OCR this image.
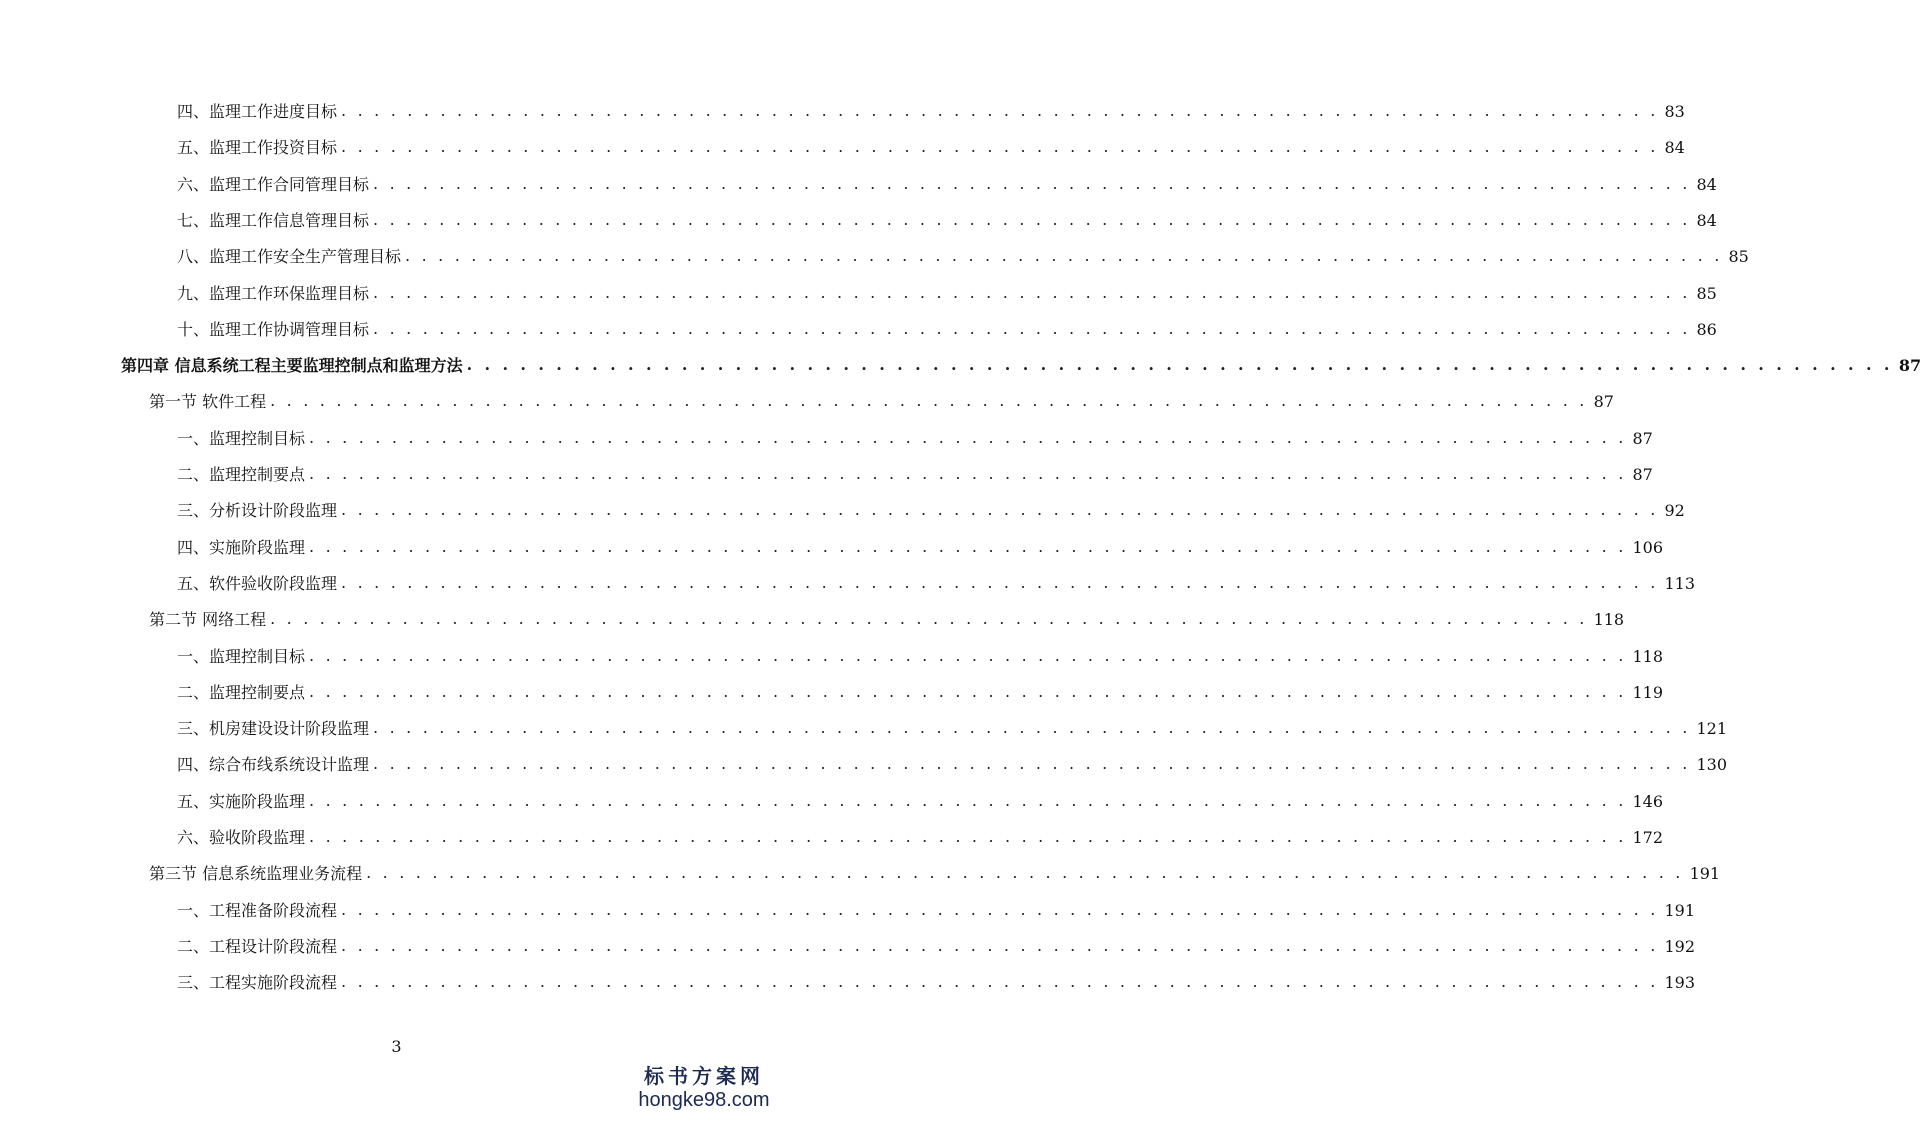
四、监理工作进度目标 . . . . . . . . . . . . . . . . . . . . . . . . . . . . . . . . . . . . . . . . . . . . . . . . . . . . . . . . . . . . . . . . . . . . . . . . . . . . . . . . 83
五、监理工作投资目标 . . . . . . . . . . . . . . . . . . . . . . . . . . . . . . . . . . . . . . . . . . . . . . . . . . . . . . . . . . . . . . . . . . . . . . . . . . . . . . . . 84
六、监理工作合同管理目标 . . . . . . . . . . . . . . . . . . . . . . . . . . . . . . . . . . . . . . . . . . . . . . . . . . . . . . . . . . . . . . . . . . . . . . . . . . . . . . . . 84
七、监理工作信息管理目标 . . . . . . . . . . . . . . . . . . . . . . . . . . . . . . . . . . . . . . . . . . . . . . . . . . . . . . . . . . . . . . . . . . . . . . . . . . . . . . . . 84
八、监理工作安全生产管理目标 . . . . . . . . . . . . . . . . . . . . . . . . . . . . . . . . . . . . . . . . . . . . . . . . . . . . . . . . . . . . . . . . . . . . . . . . . . . . . . . . 85
九、监理工作环保监理目标 . . . . . . . . . . . . . . . . . . . . . . . . . . . . . . . . . . . . . . . . . . . . . . . . . . . . . . . . . . . . . . . . . . . . . . . . . . . . . . . . 85
十、监理工作协调管理目标 . . . . . . . . . . . . . . . . . . . . . . . . . . . . . . . . . . . . . . . . . . . . . . . . . . . . . . . . . . . . . . . . . . . . . . . . . . . . . . . . 86
第四章 信息系统工程主要监理控制点和监理方法 . . . . . . . . . . . . . . . . . . . . . . . . . . . . . . . . . . . . . . . . . . . . . . . . . . . . . . . . . . . . . . . . . . . . . . . . . . . . . . . . 87
第一节 软件工程 . . . . . . . . . . . . . . . . . . . . . . . . . . . . . . . . . . . . . . . . . . . . . . . . . . . . . . . . . . . . . . . . . . . . . . . . . . . . . . . . 87
一、监理控制目标 . . . . . . . . . . . . . . . . . . . . . . . . . . . . . . . . . . . . . . . . . . . . . . . . . . . . . . . . . . . . . . . . . . . . . . . . . . . . . . . . 87
二、监理控制要点 . . . . . . . . . . . . . . . . . . . . . . . . . . . . . . . . . . . . . . . . . . . . . . . . . . . . . . . . . . . . . . . . . . . . . . . . . . . . . . . . 87
三、分析设计阶段监理 . . . . . . . . . . . . . . . . . . . . . . . . . . . . . . . . . . . . . . . . . . . . . . . . . . . . . . . . . . . . . . . . . . . . . . . . . . . . . . . . 92
四、实施阶段监理 . . . . . . . . . . . . . . . . . . . . . . . . . . . . . . . . . . . . . . . . . . . . . . . . . . . . . . . . . . . . . . . . . . . . . . . . . . . . . . . . 106
五、软件验收阶段监理 . . . . . . . . . . . . . . . . . . . . . . . . . . . . . . . . . . . . . . . . . . . . . . . . . . . . . . . . . . . . . . . . . . . . . . . . . . . . . . . . 113
第二节 网络工程 . . . . . . . . . . . . . . . . . . . . . . . . . . . . . . . . . . . . . . . . . . . . . . . . . . . . . . . . . . . . . . . . . . . . . . . . . . . . . . . . 118
一、监理控制目标 . . . . . . . . . . . . . . . . . . . . . . . . . . . . . . . . . . . . . . . . . . . . . . . . . . . . . . . . . . . . . . . . . . . . . . . . . . . . . . . . 118
二、监理控制要点 . . . . . . . . . . . . . . . . . . . . . . . . . . . . . . . . . . . . . . . . . . . . . . . . . . . . . . . . . . . . . . . . . . . . . . . . . . . . . . . . 119
三、机房建设设计阶段监理 . . . . . . . . . . . . . . . . . . . . . . . . . . . . . . . . . . . . . . . . . . . . . . . . . . . . . . . . . . . . . . . . . . . . . . . . . . . . . . . . 121
四、综合布线系统设计监理 . . . . . . . . . . . . . . . . . . . . . . . . . . . . . . . . . . . . . . . . . . . . . . . . . . . . . . . . . . . . . . . . . . . . . . . . . . . . . . . . 130
五、实施阶段监理 . . . . . . . . . . . . . . . . . . . . . . . . . . . . . . . . . . . . . . . . . . . . . . . . . . . . . . . . . . . . . . . . . . . . . . . . . . . . . . . . 146
六、验收阶段监理 . . . . . . . . . . . . . . . . . . . . . . . . . . . . . . . . . . . . . . . . . . . . . . . . . . . . . . . . . . . . . . . . . . . . . . . . . . . . . . . . 172
第三节 信息系统监理业务流程 . . . . . . . . . . . . . . . . . . . . . . . . . . . . . . . . . . . . . . . . . . . . . . . . . . . . . . . . . . . . . . . . . . . . . . . . . . . . . . . . 191
一、工程准备阶段流程 . . . . . . . . . . . . . . . . . . . . . . . . . . . . . . . . . . . . . . . . . . . . . . . . . . . . . . . . . . . . . . . . . . . . . . . . . . . . . . . . 191
二、工程设计阶段流程 . . . . . . . . . . . . . . . . . . . . . . . . . . . . . . . . . . . . . . . . . . . . . . . . . . . . . . . . . . . . . . . . . . . . . . . . . . . . . . . . 192
三、工程实施阶段流程 . . . . . . . . . . . . . . . . . . . . . . . . . . . . . . . . . . . . . . . . . . . . . . . . . . . . . . . . . . . . . . . . . . . . . . . . . . . . . . . . 193
3
标书方案网
hongke98.com
